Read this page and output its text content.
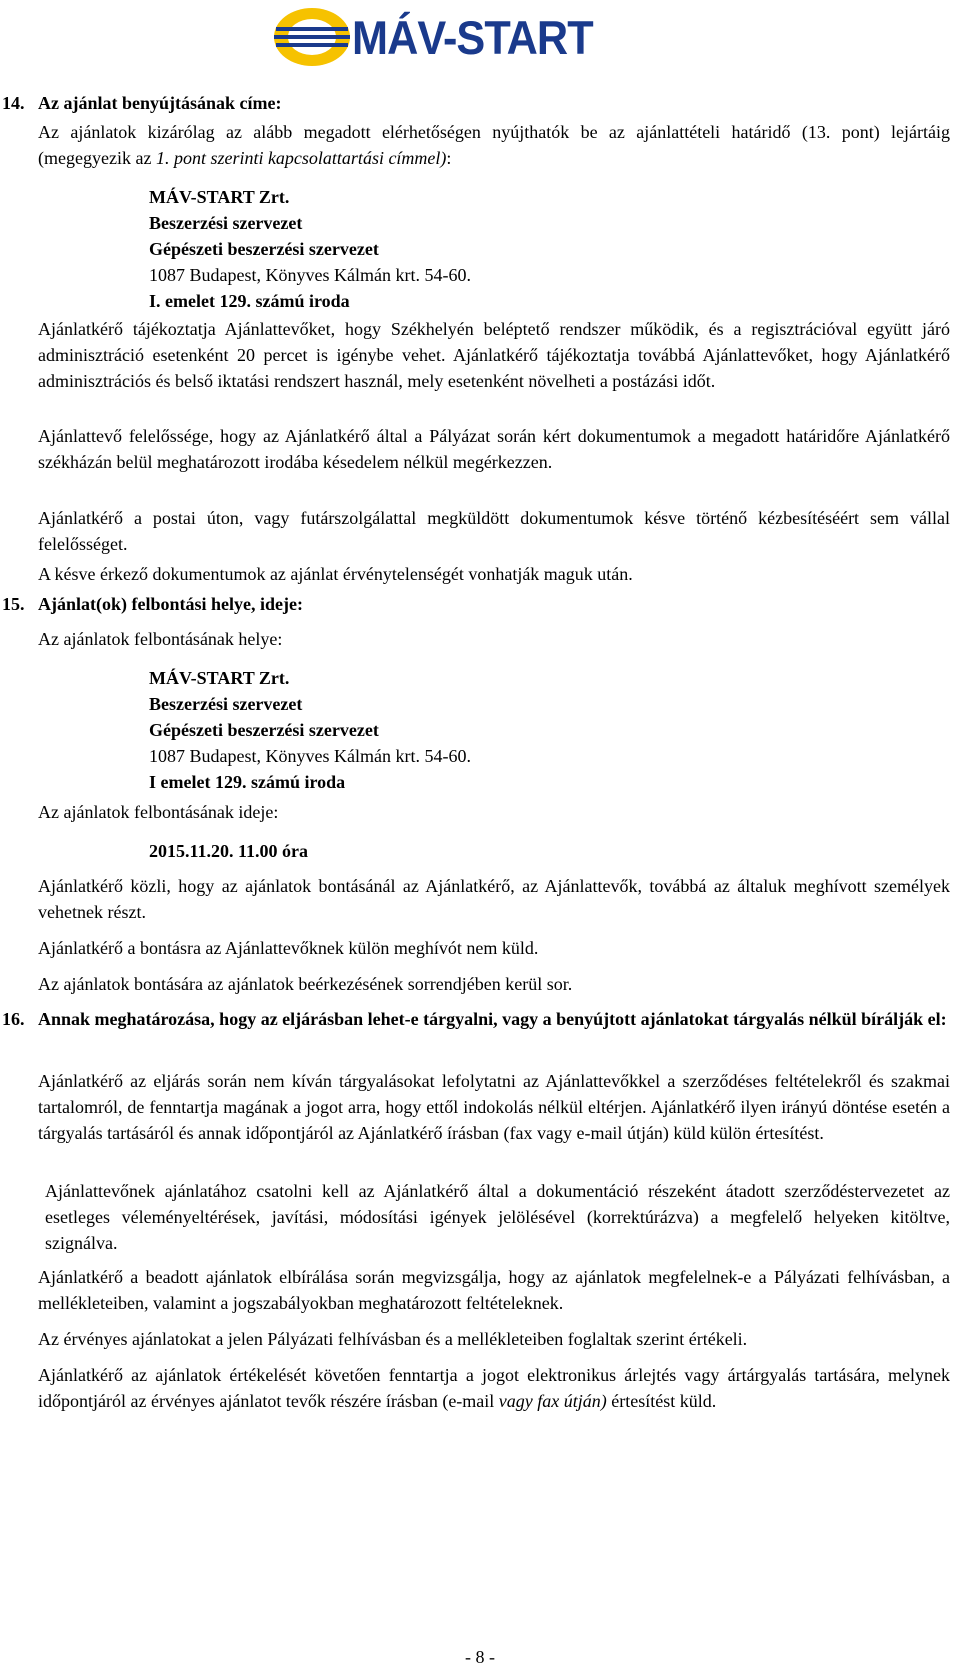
MÁV-START
14. Az ajánlat benyújtásának címe:
Az ajánlatok kizárólag az alább megadott elérhetőségen nyújthatók be az ajánlattételi határidő (13. pont) lejártáig (megegyezik az 1. pont szerinti kapcsolattartási címmel):
MÁV-START Zrt.
Beszerzési szervezet
Gépészeti beszerzési szervezet
1087 Budapest, Könyves Kálmán krt. 54-60.
I. emelet 129. számú iroda
Ajánlatkérő tájékoztatja Ajánlattevőket, hogy Székhelyén beléptető rendszer működik, és a regisztrációval együtt járó adminisztráció esetenként 20 percet is igénybe vehet. Ajánlatkérő tájékoztatja továbbá Ajánlattevőket, hogy Ajánlatkérő adminisztrációs és belső iktatási rendszert használ, mely esetenként növelheti a postázási időt.
Ajánlattevő felelőssége, hogy az Ajánlatkérő által a Pályázat során kért dokumentumok a megadott határidőre Ajánlatkérő székházán belül meghatározott irodába késedelem nélkül megérkezzen.
Ajánlatkérő a postai úton, vagy futárszolgálattal megküldött dokumentumok késve történő kézbesítéséért sem vállal felelősséget.
A késve érkező dokumentumok az ajánlat érvénytelenségét vonhatják maguk után.
15. Ajánlat(ok) felbontási helye, ideje:
Az ajánlatok felbontásának helye:
MÁV-START Zrt.
Beszerzési szervezet
Gépészeti beszerzési szervezet
1087 Budapest, Könyves Kálmán krt. 54-60.
I emelet 129. számú iroda
Az ajánlatok felbontásának ideje:
2015.11.20. 11.00 óra
Ajánlatkérő közli, hogy az ajánlatok bontásánál az Ajánlatkérő, az Ajánlattevők, továbbá az általuk meghívott személyek vehetnek részt.
Ajánlatkérő a bontásra az Ajánlattevőknek külön meghívót nem küld.
Az ajánlatok bontására az ajánlatok beérkezésének sorrendjében kerül sor.
16. Annak meghatározása, hogy az eljárásban lehet-e tárgyalni, vagy a benyújtott ajánlatokat tárgyalás nélkül bírálják el:
Ajánlatkérő az eljárás során nem kíván tárgyalásokat lefolytatni az Ajánlattevőkkel a szerződéses feltételekről és szakmai tartalomról, de fenntartja magának a jogot arra, hogy ettől indokolás nélkül eltérjen. Ajánlatkérő ilyen irányú döntése esetén a tárgyalás tartásáról és annak időpontjáról az Ajánlatkérő írásban (fax vagy e-mail útján) küld külön értesítést.
Ajánlattevőnek ajánlatához csatolni kell az Ajánlatkérő által a dokumentáció részeként átadott szerződéstervezetet az esetleges véleményeltérések, javítási, módosítási igények jelölésével (korrektúrázva) a megfelelő helyeken kitöltve, szignálva.
Ajánlatkérő a beadott ajánlatok elbírálása során megvizsgálja, hogy az ajánlatok megfelelnek-e a Pályázati felhívásban, a mellékleteiben, valamint a jogszabályokban meghatározott feltételeknek.
Az érvényes ajánlatokat a jelen Pályázati felhívásban és a mellékleteiben foglaltak szerint értékeli.
Ajánlatkérő az ajánlatok értékelését követően fenntartja a jogot elektronikus árlejtés vagy ártárgyalás tartására, melynek időpontjáról az érvényes ajánlatot tevők részére írásban (e-mail vagy fax útján) értesítést küld.
- 8 -
